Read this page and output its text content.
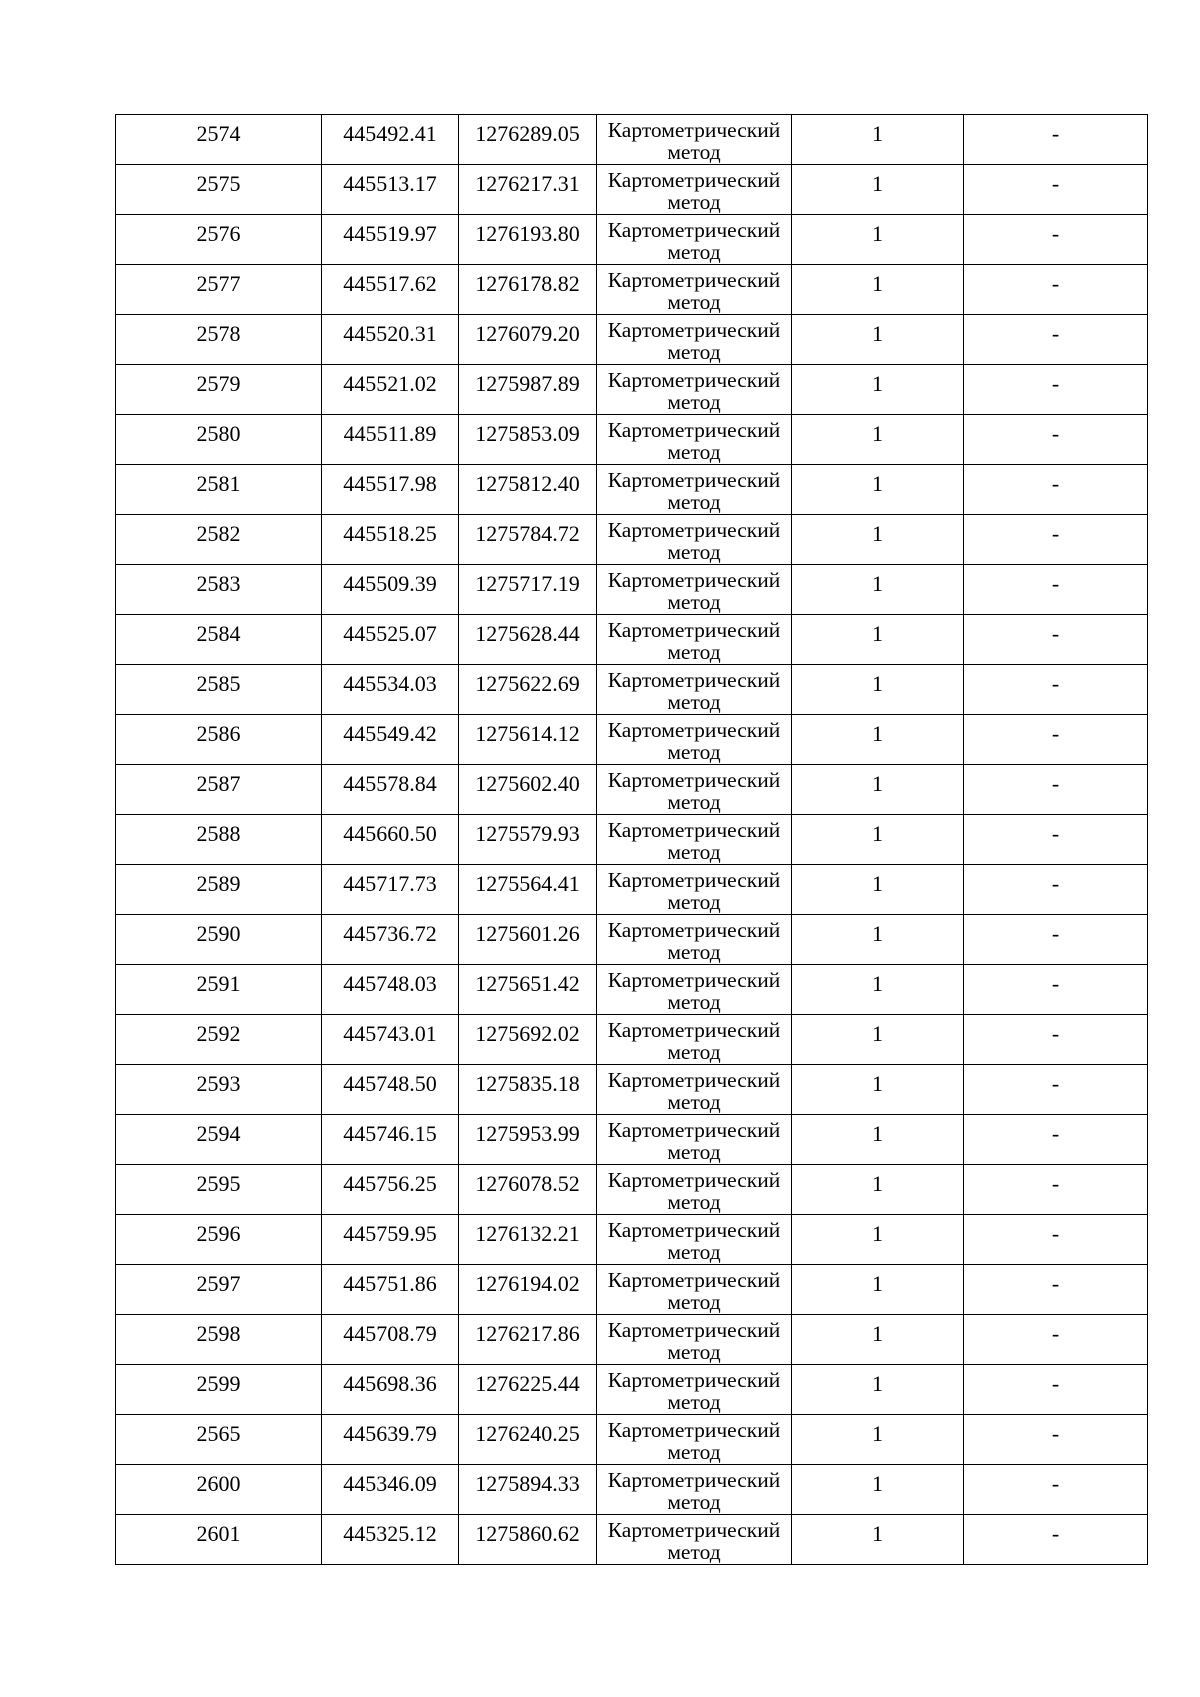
2574	445492.41	1276289.05	Картометрический метод	1	-

2575	445513.17	1276217.31	Картометрический метод	1	-

2576	445519.97	1276193.80	Картометрический метод	1	-

2577	445517.62	1276178.82	Картометрический метод	1	-

2578	445520.31	1276079.20	Картометрический метод	1	-

2579	445521.02	1275987.89	Картометрический метод	1	-

2580	445511.89	1275853.09	Картометрический метод	1	-

2581	445517.98	1275812.40	Картометрический метод	1	-

2582	445518.25	1275784.72	Картометрический метод	1	-

2583	445509.39	1275717.19	Картометрический метод	1	-

2584	445525.07	1275628.44	Картометрический метод	1	-

2585	445534.03	1275622.69	Картометрический метод	1	-

2586	445549.42	1275614.12	Картометрический метод	1	-

2587	445578.84	1275602.40	Картометрический метод	1	-

2588	445660.50	1275579.93	Картометрический метод	1	-

2589	445717.73	1275564.41	Картометрический метод	1	-

2590	445736.72	1275601.26	Картометрический метод	1	-

2591	445748.03	1275651.42	Картометрический метод	1	-

2592	445743.01	1275692.02	Картометрический метод	1	-

2593	445748.50	1275835.18	Картометрический метод	1	-

2594	445746.15	1275953.99	Картометрический метод	1	-

2595	445756.25	1276078.52	Картометрический метод	1	-

2596	445759.95	1276132.21	Картометрический метод	1	-

2597	445751.86	1276194.02	Картометрический метод	1	-

2598	445708.79	1276217.86	Картометрический метод	1	-

2599	445698.36	1276225.44	Картометрический метод	1	-

2565	445639.79	1276240.25	Картометрический метод	1	-

2600	445346.09	1275894.33	Картометрический метод	1	-

2601	445325.12	1275860.62	Картометрический метод	1	-
